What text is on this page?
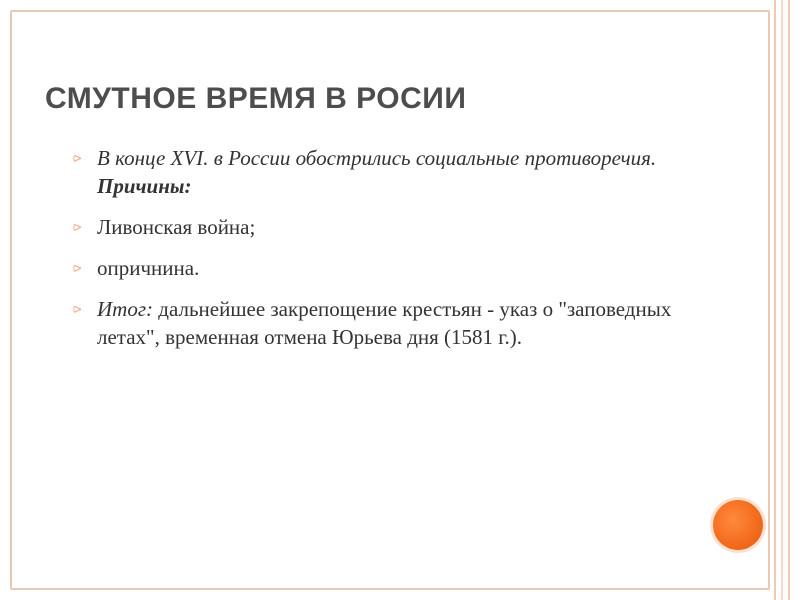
СМУТНОЕ ВРЕМЯ В РОСИИ
⪧ В конце XVI. в России обострились социальные противоречия. Причины:
⪧ Ливонская война;
⪧ опричнина.
⪧ Итог: дальнейшее закрепощение крестьян - указ о "заповедных летах", временная отмена Юрьева дня (1581 г.).
